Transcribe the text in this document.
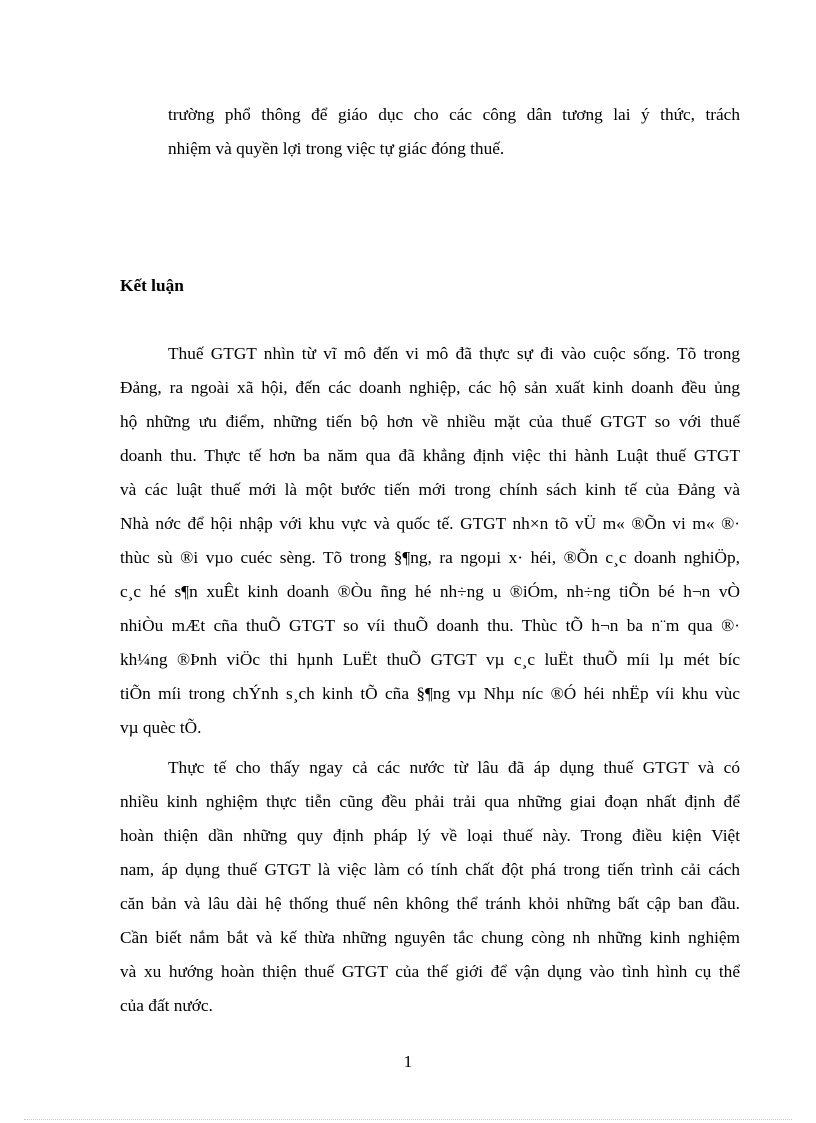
trường phổ thông để giáo dục cho các công dân tương lai ý thức, trách
nhiệm và quyền lợi trong việc tự giác đóng thuế.
Kết luận
Thuế GTGT nhìn từ vĩ mô đến vi mô đã thực sự đi vào cuộc sống. Tõ trong
Đảng, ra ngoài xã hội, đến các doanh nghiệp, các hộ sản xuất kinh doanh đều ủng
hộ những ưu điểm, những tiến bộ hơn về nhiều mặt của thuế GTGT so với thuế
doanh thu. Thực tế hơn ba năm qua đã khẳng định việc thi hành Luật thuế GTGT
và các luật thuế mới là một bước tiến mới trong chính sách kinh tế của Đảng và
Nhà nớc để hội nhập với khu vực và quốc tế. GTGT nh×n tõ vÜ m« ®Õn vi m« ®·
thùc sù ®i vµo cuéc sèng. Tõ trong §¶ng, ra ngoµi x· héi, ®Õn c¸c doanh nghiÖp,
c¸c hé s¶n xuÊt kinh doanh ®Òu ñng hé nh÷ng u ®iÓm, nh÷ng tiÕn bé h¬n vÒ
nhiÒu mÆt cña thuÕ GTGT so víi thuÕ doanh thu. Thùc tÕ h¬n ba n¨m qua ®·
kh¼ng ®Þnh viÖc thi hµnh LuËt thuÕ GTGT vµ c¸c luËt thuÕ míi lµ mét bíc
tiÕn míi trong chÝnh s¸ch kinh tÕ cña §¶ng vµ Nhµ níc ®Ó héi nhËp víi khu vùc
vµ quèc tÕ.
Thực tế cho thấy ngay cả các nước từ lâu đã áp dụng thuế GTGT và có
nhiều kinh nghiệm thực tiễn cũng đều phải trải qua những giai đoạn nhất định để
hoàn thiện dần những quy định pháp lý về loại thuế này. Trong điều kiện Việt
nam, áp dụng thuế GTGT là việc làm có tính chất đột phá trong tiến trình cải cách
căn bản và lâu dài hệ thống thuế nên không thể tránh khỏi những bất cập ban đầu.
Cần biết nắm bắt và kế thừa những nguyên tắc chung còng nh những kinh nghiệm
và xu hướng hoàn thiện thuế GTGT của thế giới để vận dụng vào tình hình cụ thể
của đất nước.

1
